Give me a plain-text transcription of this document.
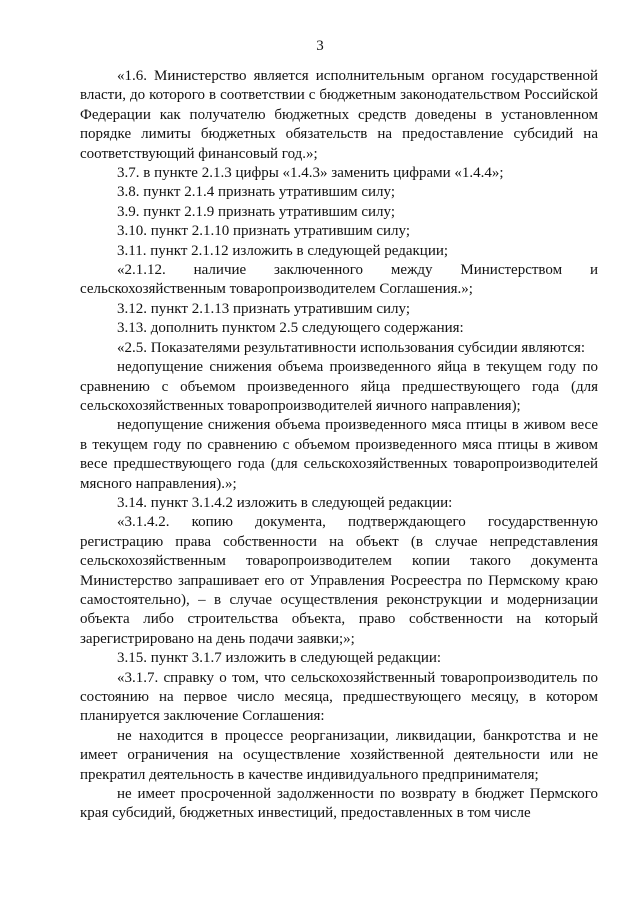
3

«1.6. Министерство является исполнительным органом государственной власти, до которого в соответствии с бюджетным законодательством Российской Федерации как получателю бюджетных средств доведены в установленном порядке лимиты бюджетных обязательств на предоставление субсидий на соответствующий финансовый год.»;

3.7. в пункте 2.1.3 цифры «1.4.3» заменить цифрами «1.4.4»;

3.8. пункт 2.1.4 признать утратившим силу;

3.9. пункт 2.1.9 признать утратившим силу;

3.10. пункт 2.1.10 признать утратившим силу;

3.11. пункт 2.1.12 изложить в следующей редакции;

«2.1.12. наличие заключенного между Министерством и сельскохозяйственным товаропроизводителем Соглашения.»;

3.12. пункт 2.1.13 признать утратившим силу;

3.13. дополнить пунктом 2.5 следующего содержания:

«2.5. Показателями результативности использования субсидии являются:

недопущение снижения объема произведенного яйца в текущем году по сравнению с объемом произведенного яйца предшествующего года (для сельскохозяйственных товаропроизводителей яичного направления);

недопущение снижения объема произведенного мяса птицы в живом весе в текущем году по сравнению с объемом произведенного мяса птицы в живом весе предшествующего года (для сельскохозяйственных товаропроизводителей мясного направления).»;

3.14. пункт 3.1.4.2 изложить в следующей редакции:

«3.1.4.2. копию документа, подтверждающего государственную регистрацию права собственности на объект (в случае непредставления сельскохозяйственным товаропроизводителем копии такого документа Министерство запрашивает его от Управления Росреестра по Пермскому краю самостоятельно), – в случае осуществления реконструкции и модернизации объекта либо строительства объекта, право собственности на который зарегистрировано на день подачи заявки;»;

3.15. пункт 3.1.7 изложить в следующей редакции:

«3.1.7. справку о том, что сельскохозяйственный товаропроизводитель по состоянию на первое число месяца, предшествующего месяцу, в котором планируется заключение Соглашения:

не находится в процессе реорганизации, ликвидации, банкротства и не имеет ограничения на осуществление хозяйственной деятельности или не прекратил деятельность в качестве индивидуального предпринимателя;

не имеет просроченной задолженности по возврату в бюджет Пермского края субсидий, бюджетных инвестиций, предоставленных в том числе
